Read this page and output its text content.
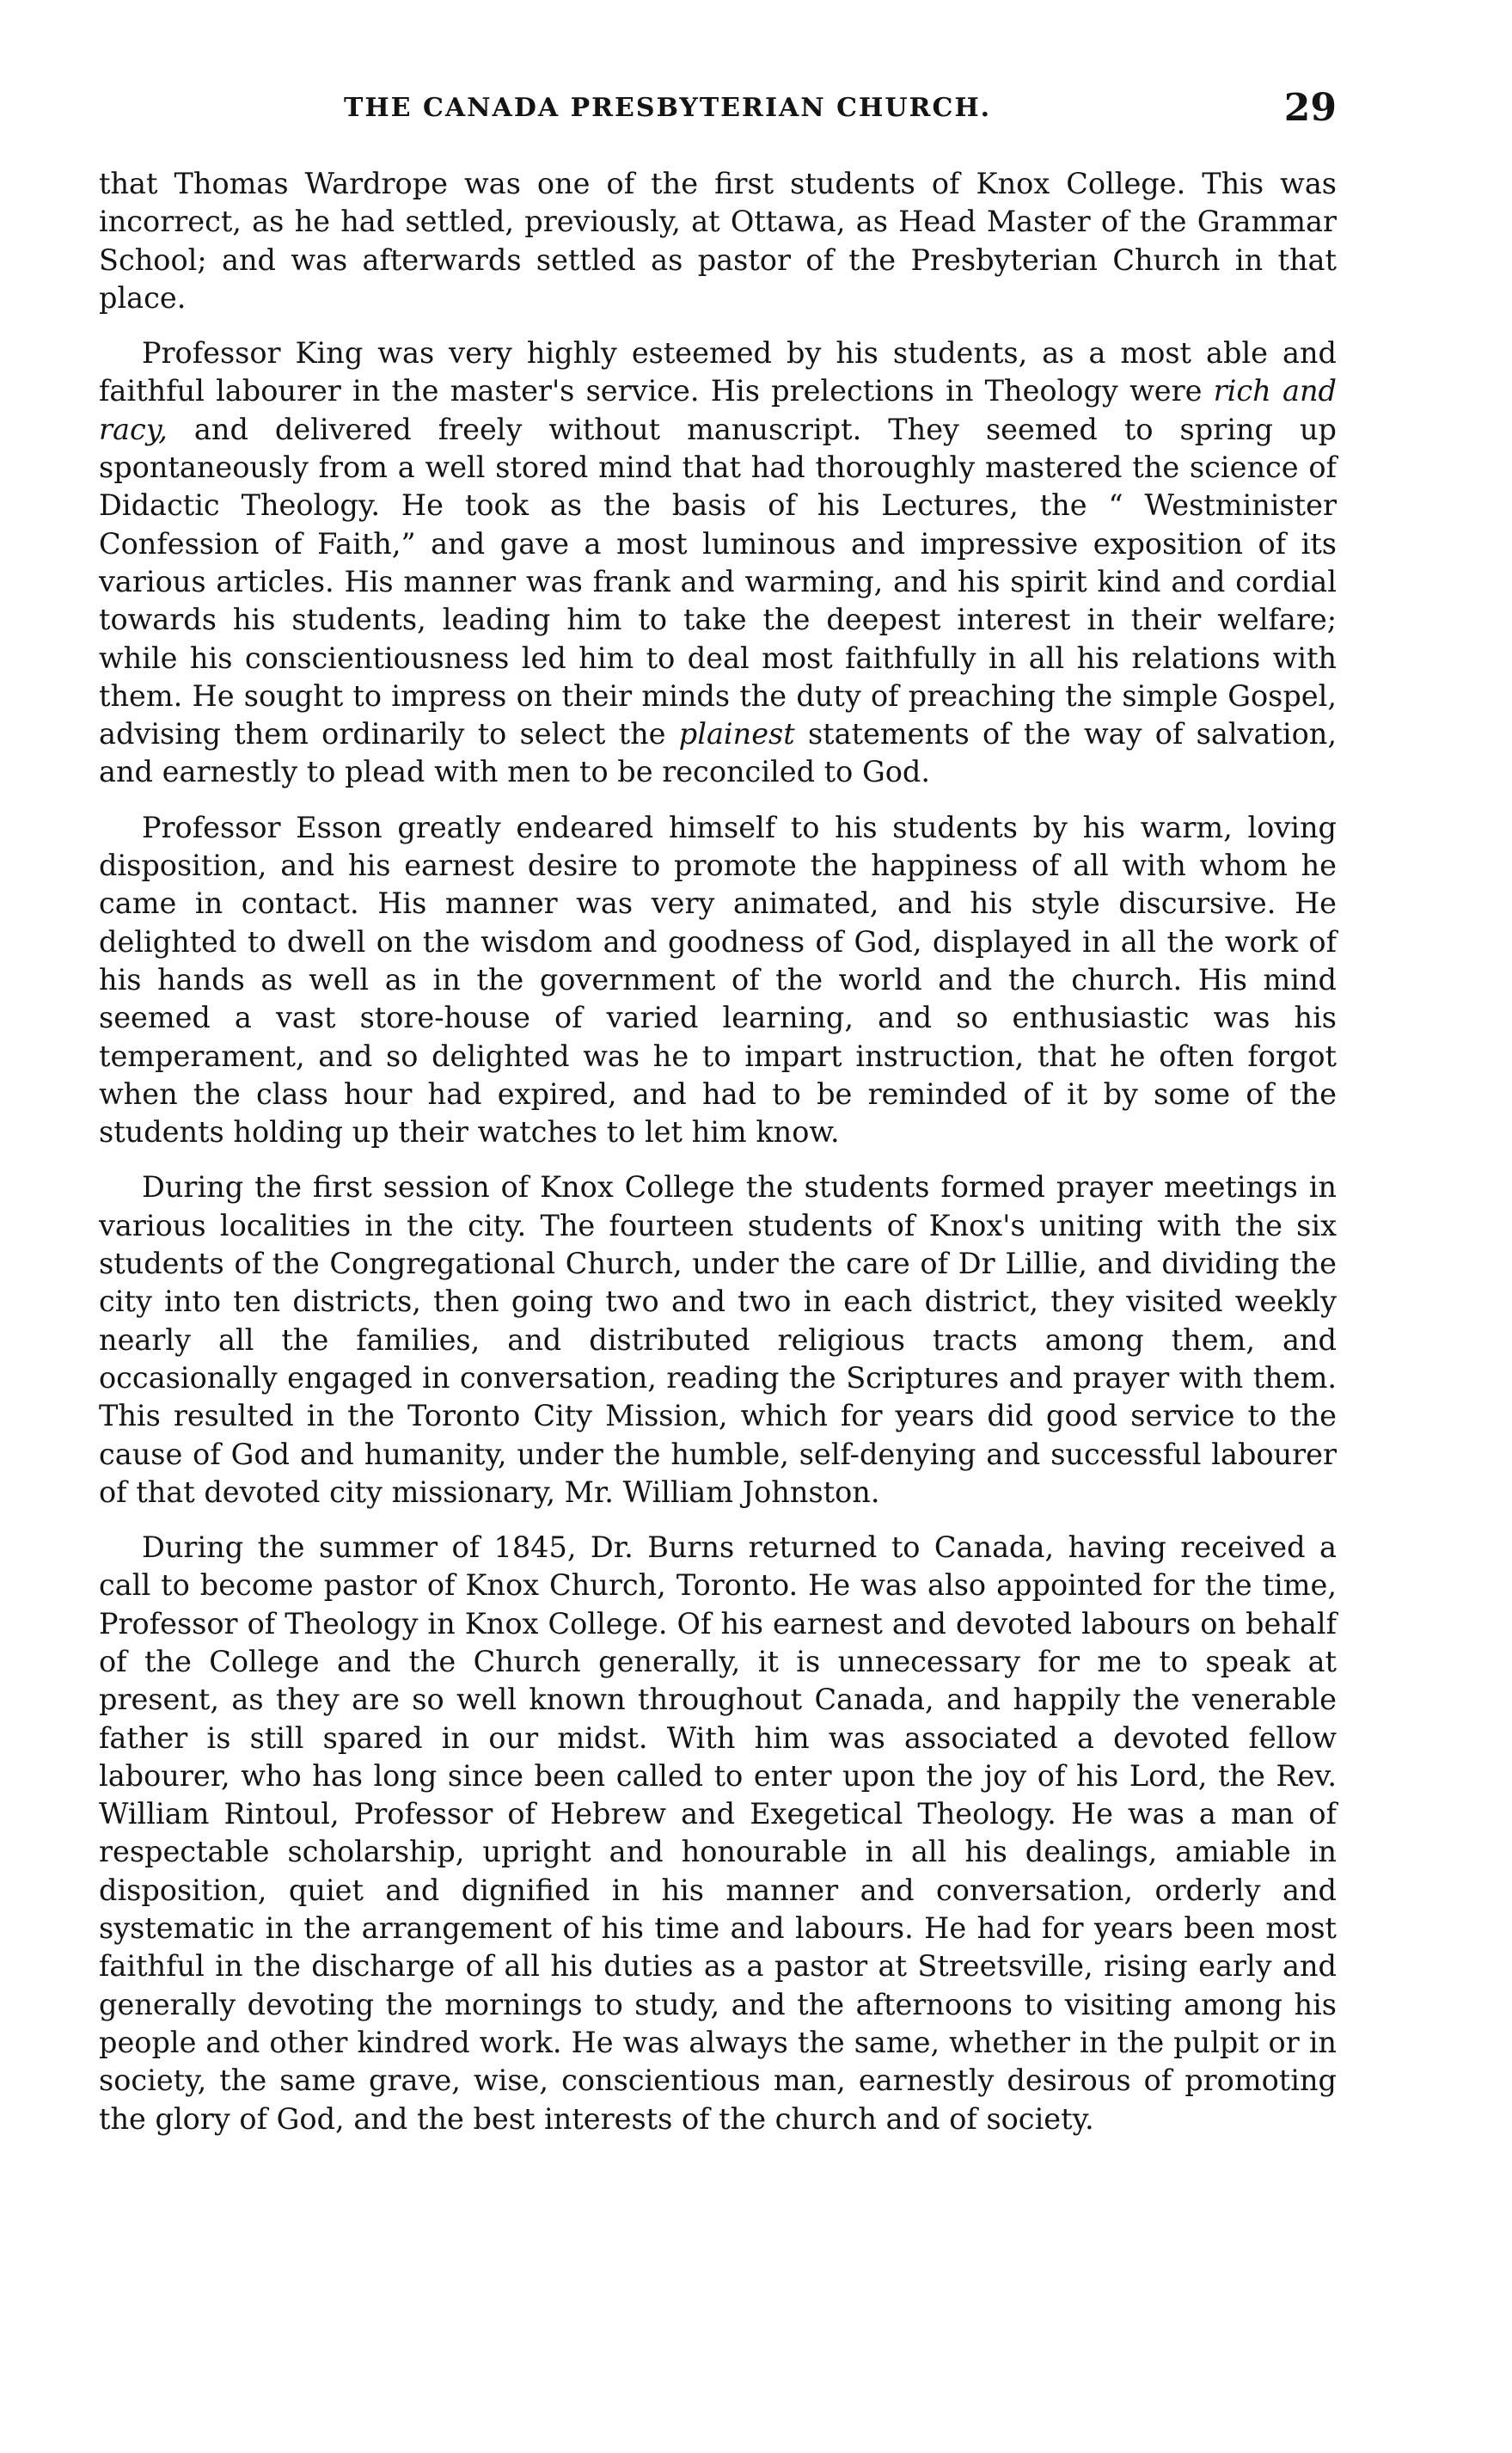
THE CANADA PRESBYTERIAN CHURCH.	29

that Thomas Wardrope was one of the first students of Knox College. This was incorrect, as he had settled, previously, at Ottawa, as Head Master of the Grammar School; and was afterwards settled as pastor of the Presbyterian Church in that place.

Professor King was very highly esteemed by his students, as a most able and faithful labourer in the master's service. His prelections in Theology were rich and racy, and delivered freely without manuscript. They seemed to spring up spontaneously from a well stored mind that had thoroughly mastered the science of Didactic Theology. He took as the basis of his Lectures, the “ Westminister Confession of Faith,” and gave a most luminous and impressive exposition of its various articles. His manner was frank and warming, and his spirit kind and cordial towards his students, leading him to take the deepest interest in their welfare; while his conscientiousness led him to deal most faithfully in all his relations with them. He sought to impress on their minds the duty of preaching the simple Gospel, advising them ordinarily to select the plainest statements of the way of salvation, and earnestly to plead with men to be reconciled to God.

Professor Esson greatly endeared himself to his students by his warm, loving disposition, and his earnest desire to promote the happiness of all with whom he came in contact. His manner was very animated, and his style discursive. He delighted to dwell on the wisdom and goodness of God, displayed in all the work of his hands as well as in the government of the world and the church. His mind seemed a vast store-house of varied learning, and so enthusiastic was his temperament, and so delighted was he to impart instruction, that he often forgot when the class hour had expired, and had to be reminded of it by some of the students holding up their watches to let him know.

During the first session of Knox College the students formed prayer meetings in various localities in the city. The fourteen students of Knox's uniting with the six students of the Congregational Church, under the care of Dr Lillie, and dividing the city into ten districts, then going two and two in each district, they visited weekly nearly all the families, and distributed religious tracts among them, and occasionally engaged in conversation, reading the Scriptures and prayer with them. This resulted in the Toronto City Mission, which for years did good service to the cause of God and humanity, under the humble, self-denying and successful labourer of that devoted city missionary, Mr. William Johnston.

During the summer of 1845, Dr. Burns returned to Canada, having received a call to become pastor of Knox Church, Toronto. He was also appointed for the time, Professor of Theology in Knox College. Of his earnest and devoted labours on behalf of the College and the Church generally, it is unnecessary for me to speak at present, as they are so well known throughout Canada, and happily the venerable father is still spared in our midst. With him was associated a devoted fellow labourer, who has long since been called to enter upon the joy of his Lord, the Rev. William Rintoul, Professor of Hebrew and Exegetical Theology. He was a man of respectable scholarship, upright and honourable in all his dealings, amiable in disposition, quiet and dignified in his manner and conversation, orderly and systematic in the arrangement of his time and labours. He had for years been most faithful in the discharge of all his duties as a pastor at Streetsville, rising early and generally devoting the mornings to study, and the afternoons to visiting among his people and other kindred work. He was always the same, whether in the pulpit or in society, the same grave, wise, conscientious man, earnestly desirous of promoting the glory of God, and the best interests of the church and of society.
